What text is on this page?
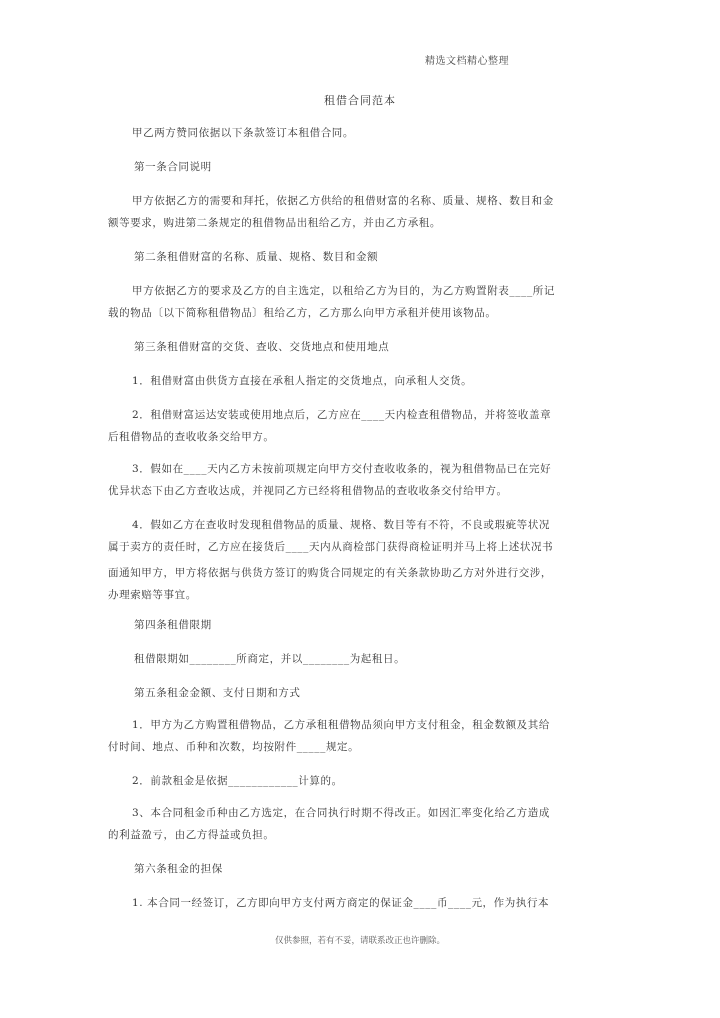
精选文档精心整理
租借合同范本

甲乙两方赞同依据以下条款签订本租借合同。

第一条合同说明

甲方依据乙方的需要和拜托，依据乙方供给的租借财富的名称、质量、规格、数目和金额等要求，购进第二条规定的租借物品出租给乙方，并由乙方承租。

第二条租借财富的名称、质量、规格、数目和金额

甲方依据乙方的要求及乙方的自主选定，以租给乙方为目的，为乙方购置附表____所记载的物品〔以下简称租借物品〕租给乙方，乙方那么向甲方承租并使用该物品。

第三条租借财富的交货、查收、交货地点和使用地点

1．租借财富由供货方直接在承租人指定的交货地点，向承租人交货。

2．租借财富运达安装或使用地点后，乙方应在____天内检查租借物品，并将签收盖章后租借物品的查收收条交给甲方。

3．假如在____天内乙方未按前项规定向甲方交付查收收条的，视为租借物品已在完好优异状态下由乙方查收达成，并视同乙方已经将租借物品的查收收条交付给甲方。

4．假如乙方在查收时发现租借物品的质量、规格、数目等有不符，不良或瑕疵等状况属于卖方的责任时，乙方应在接货后____天内从商检部门获得商检证明并马上将上述状况书

面通知甲方，甲方将依据与供货方签订的购货合同规定的有关条款协助乙方对外进行交涉，办理索赔等事宜。

第四条租借限期

租借限期如________所商定，并以________为起租日。

第五条租金金额、支付日期和方式

1．甲方为乙方购置租借物品，乙方承租租借物品须向甲方支付租金，租金数额及其给付时间、地点、币种和次数，均按附件_____规定。

2．前款租金是依据____________计算的。

3、本合同租金币种由乙方选定，在合同执行时期不得改正。如因汇率变化给乙方造成的利益盈亏，由乙方得益或负担。

第六条租金的担保

1. 本合同一经签订，乙方即向甲方支付两方商定的保证金____币____元，作为执行本

仅供参照，若有不妥，请联系改正也许删除。
